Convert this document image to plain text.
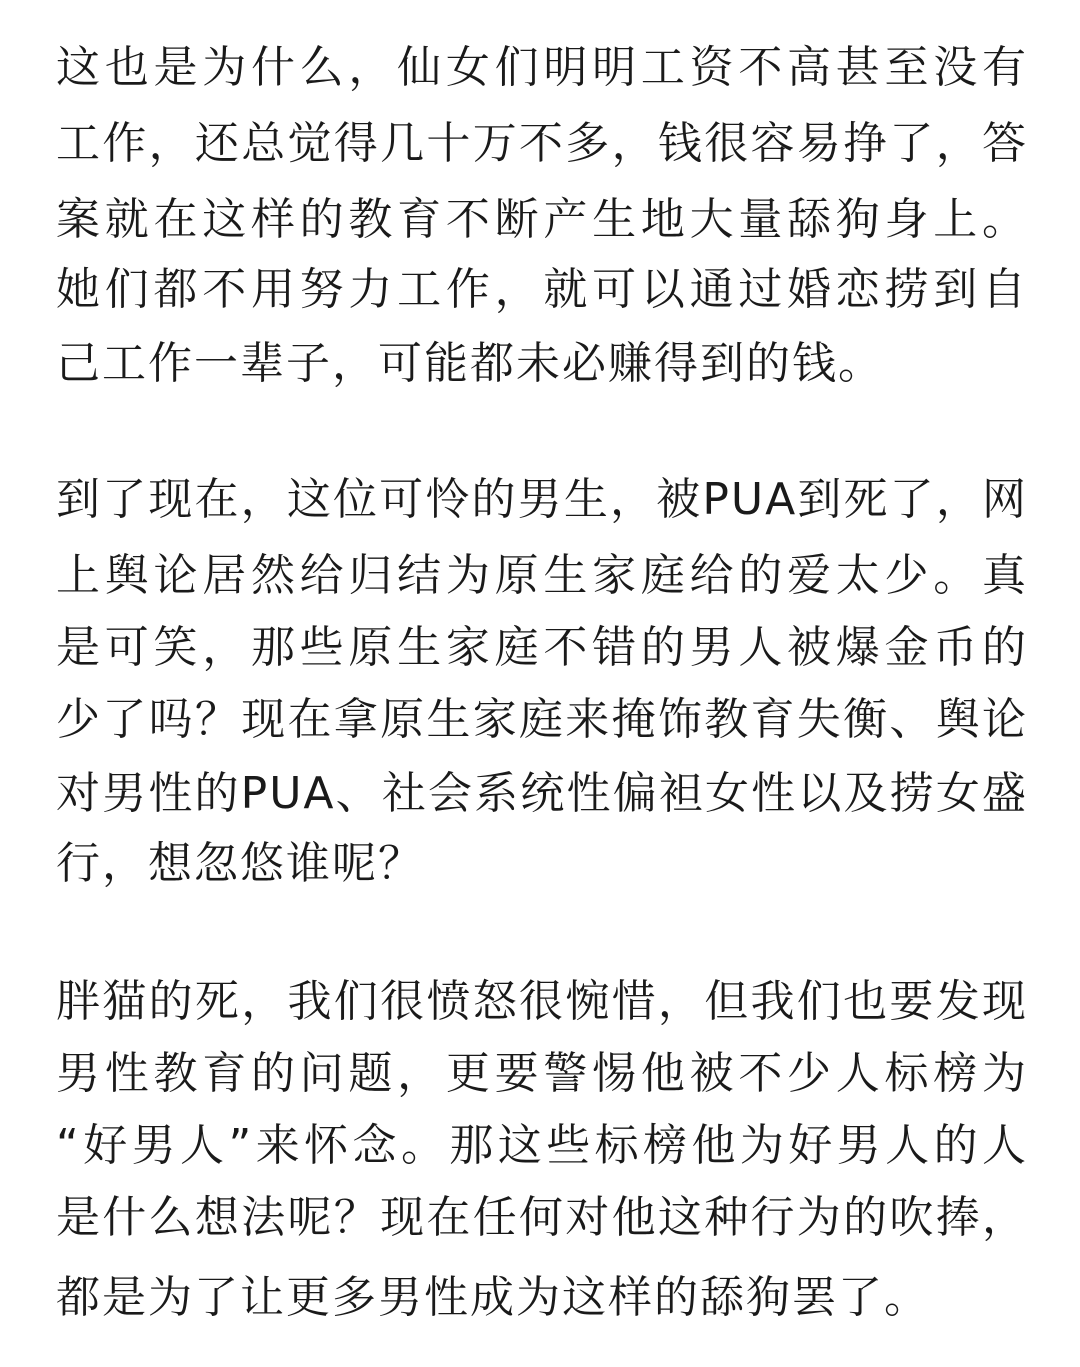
这也是为什么，仙女们明明工资不高甚至没有
工作，还总觉得几十万不多，钱很容易挣了，答
案就在这样的教育不断产生地大量舔狗身上。
她们都不用努力工作，就可以通过婚恋捞到自
己工作一辈子，可能都未必赚得到的钱。
到了现在，这位可怜的男生，被PUA到死了，网
上舆论居然给归结为原生家庭给的爱太少。真
是可笑，那些原生家庭不错的男人被爆金币的
少了吗？现在拿原生家庭来掩饰教育失衡、舆论
对男性的PUA、社会系统性偏袒女性以及捞女盛
行，想忽悠谁呢？
胖猫的死，我们很愤怒很惋惜，但我们也要发现
男性教育的问题，更要警惕他被不少人标榜为
“好男人”来怀念。那这些标榜他为好男人的人
是什么想法呢？现在任何对他这种行为的吹捧，
都是为了让更多男性成为这样的舔狗罢了。
